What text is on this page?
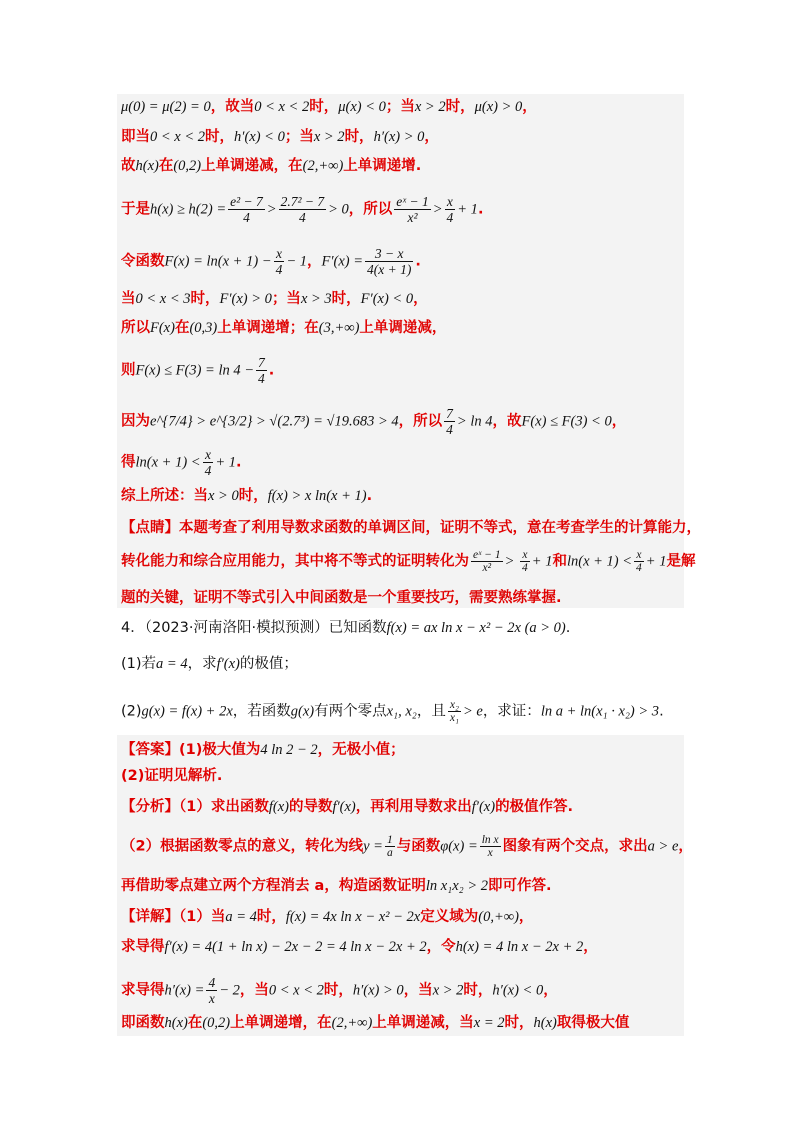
μ(0) = μ(2) = 0，故当0 < x < 2时，μ(x) < 0；当x > 2时，μ(x) > 0，
即当0 < x < 2时，h′(x) < 0；当x > 2时，h′(x) > 0，
故h(x)在(0,2)上单调递减，在(2,+∞)上单调递增.
于是$h(x) \ge h(2) = \frac{\text{e² − 7}}{4} > \frac{\text{2.7² − 7}}{4} > 0$，所以 $\frac{\text{eˣ − 1}}{\text{x²}} > \frac{x}{4} + 1$.
令函数$F(x) = \ln(x + 1) - \frac{x}{4} - 1$，$F'(x) = \frac{3 - x}{4(x + 1)}$ .
当0 < x < 3时，F′(x) > 0；当x > 3时，F′(x) < 0，
所以F(x)在(0,3)上单调递增；在(3,+∞)上单调递减，
则$F(x) \le F(3) = \ln 4 - \frac{7}{4}$ .
因为e^{7/4} > e^{3/2} > √(2.7³) = √19.683 > 4，所以 $\frac{7}{4} > \ln 4$，故F(x) ≤ F(3) < 0，
得$\ln(x + 1) < \frac{x}{4} + 1$.
综上所述：当x > 0时，f(x) > x ln(x + 1).
【点睛】本题考查了利用导数求函数的单调区间，证明不等式，意在考查学生的计算能力，
转化能力和综合应用能力，其中将不等式的证明转化为 $\frac{\text{eˣ − 1}}{\text{x²}} > \frac{x}{4} + 1$和$\ln(x + 1) < \frac{x}{4} + 1$是解
题的关键，证明不等式引入中间函数是一个重要技巧，需要熟练掌握.
4．（2023·河南洛阳·模拟预测）已知函数f(x) = ax ln x − x² − 2x (a > 0).
(1)若a = 4，求f′(x)的极值；
(2)g(x) = f(x) + 2x，若函数g(x)有两个零点x₁, x₂，且 $\frac{\text{x₂}}{\text{x₁}} > e$，求证：ln a + ln(x₁ · x₂) > 3.
【答案】(1)极大值为4 ln 2 − 2，无极小值；
(2)证明见解析.
【分析】（1）求出函数f(x)的导数f′(x)，再利用导数求出f′(x)的极值作答.
（2）根据函数零点的意义，转化为线$y = \frac{1}{a}$ 与函数$\varphi(x) = \frac{\text{ln x}}{x}$ 图象有两个交点，求出a > e，
再借助零点建立两个方程消去 a，构造函数证明ln x₁x₂ > 2即可作答.
【详解】（1）当a = 4时，f(x) = 4x ln x − x² − 2x定义域为(0,+∞)，
求导得f′(x) = 4(1 + ln x) − 2x − 2 = 4 ln x − 2x + 2，令h(x) = 4 ln x − 2x + 2，
求导得$h'(x) = \frac{4}{x} - 2$，当0 < x < 2时，h′(x) > 0，当x > 2时，h′(x) < 0，
即函数h(x)在(0,2)上单调递增，在(2,+∞)上单调递减，当x = 2时，h(x)取得极大值
